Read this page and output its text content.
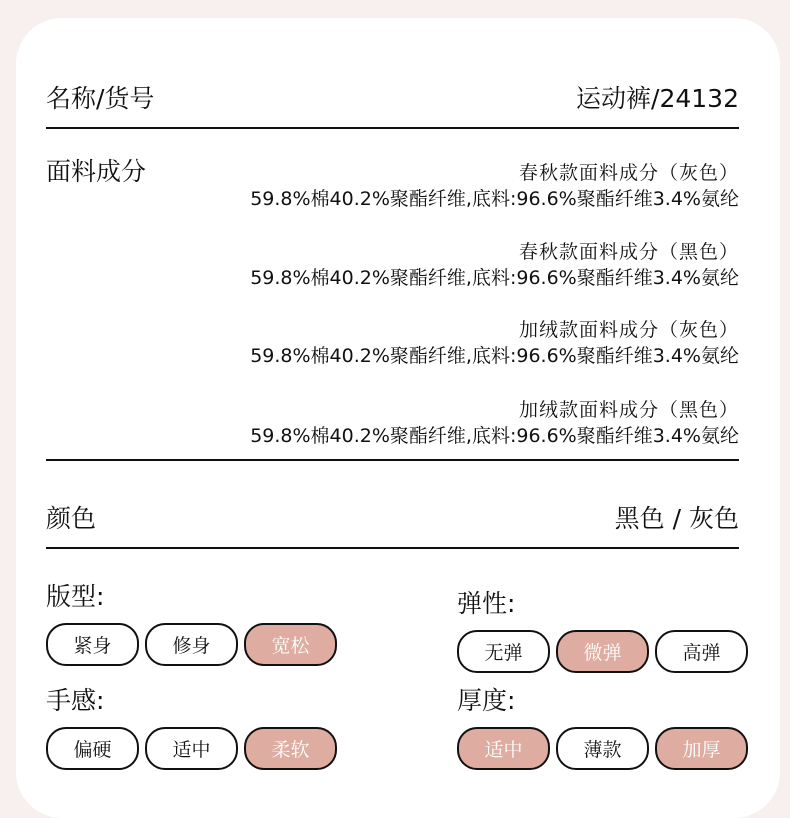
名称/货号	运动裤/24132
面料成分	春秋款面料成分（灰色）
59.8%棉40.2%聚酯纤维,底料:96.6%聚酯纤维3.4%氨纶
春秋款面料成分（黑色）
59.8%棉40.2%聚酯纤维,底料:96.6%聚酯纤维3.4%氨纶
加绒款面料成分（灰色）
59.8%棉40.2%聚酯纤维,底料:96.6%聚酯纤维3.4%氨纶
加绒款面料成分（黑色）
59.8%棉40.2%聚酯纤维,底料:96.6%聚酯纤维3.4%氨纶
颜色	黑色 / 灰色
版型:
紧身	修身	宽松
弹性:
无弹	微弹	高弹
手感:
偏硬	适中	柔软
厚度:
适中	薄款	加厚
